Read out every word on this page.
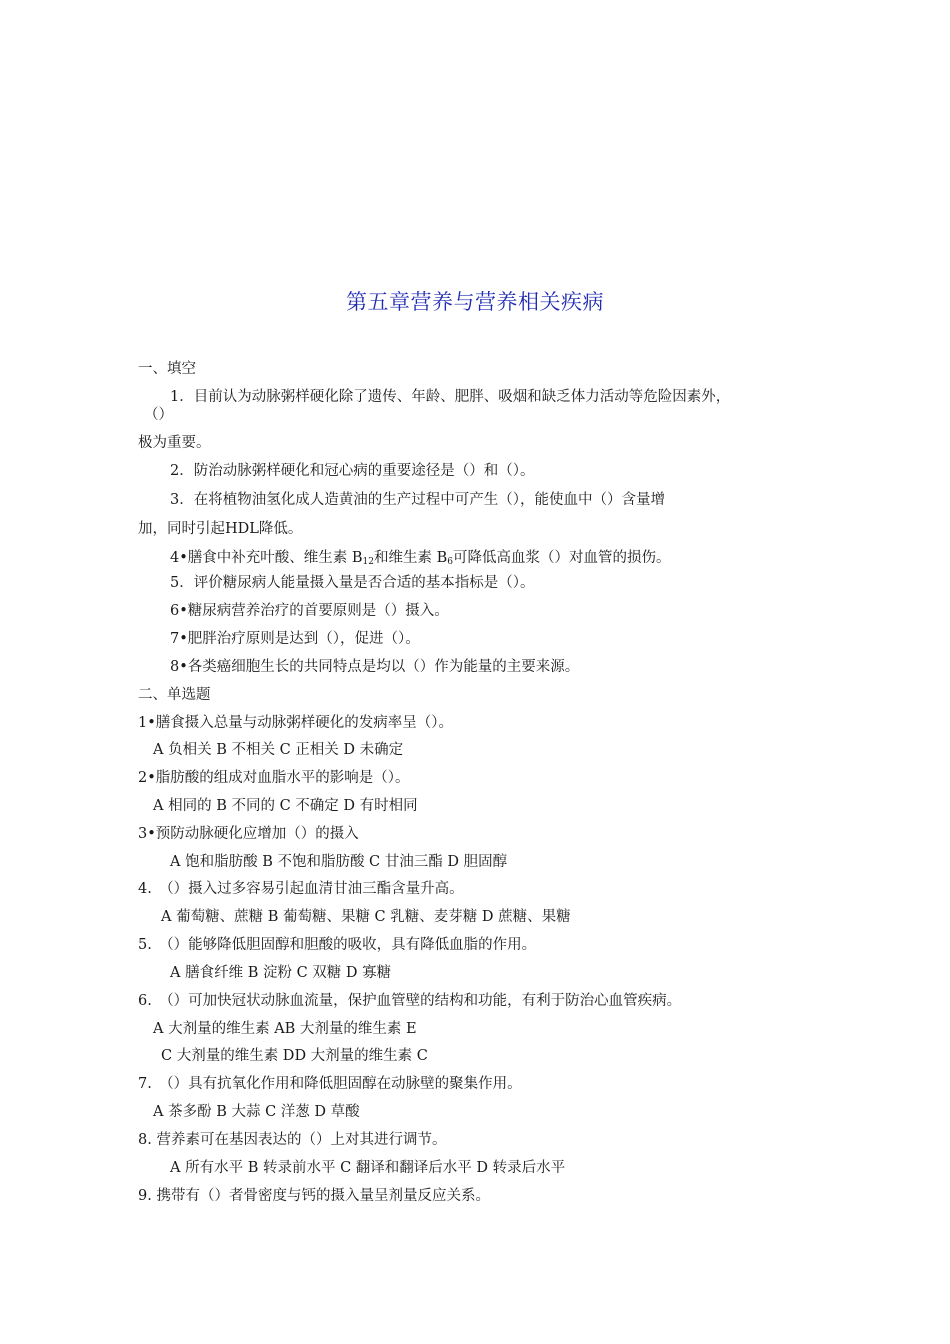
第五章营养与营养相关疾病
一、填空
1．目前认为动脉粥样硬化除了遗传、年龄、肥胖、吸烟和缺乏体力活动等危险因素外，
（）
极为重要。
2．防治动脉粥样硬化和冠心病的重要途径是（）和（）。
3．在将植物油氢化成人造黄油的生产过程中可产生（），能使血中（）含量增
加，同时引起HDL降低。
4•膳食中补充叶酸、维生素 $B_{12}$和维生素 $B_6$可降低高血浆（）对血管的损伤。
5．评价糖尿病人能量摄入量是否合适的基本指标是（）。
6•糖尿病营养治疗的首要原则是（）摄入。
7•肥胖治疗原则是达到（），促进（）。
8•各类癌细胞生长的共同特点是均以（）作为能量的主要来源。
二、单选题
1•膳食摄入总量与动脉粥样硬化的发病率呈（）。
A 负相关 B 不相关 C 正相关 D 未确定
2•脂肪酸的组成对血脂水平的影响是（）。
A 相同的 B 不同的 C 不确定 D 有时相同
3•预防动脉硬化应增加（）的摄入
A 饱和脂肪酸 B 不饱和脂肪酸 C 甘油三酯 D 胆固醇
4.　（）摄入过多容易引起血清甘油三酯含量升高。
A 葡萄糖、蔗糖 B 葡萄糖、果糖 C 乳糖、麦芽糖 D 蔗糖、果糖
5.　（）能够降低胆固醇和胆酸的吸收，具有降低血脂的作用。
A 膳食纤维 B 淀粉 C 双糖 D 寡糖
6.　（）可加快冠状动脉血流量，保护血管壁的结构和功能，有利于防治心血管疾病。
A 大剂量的维生素 AB 大剂量的维生素 E
C 大剂量的维生素 DD 大剂量的维生素 C
7.　（）具有抗氧化作用和降低胆固醇在动脉壁的聚集作用。
A 茶多酚 B 大蒜 C 洋葱 D 草酸
8. 营养素可在基因表达的（）上对其进行调节。
A 所有水平 B 转录前水平 C 翻译和翻译后水平 D 转录后水平
9. 携带有（）者骨密度与钙的摄入量呈剂量反应关系。
